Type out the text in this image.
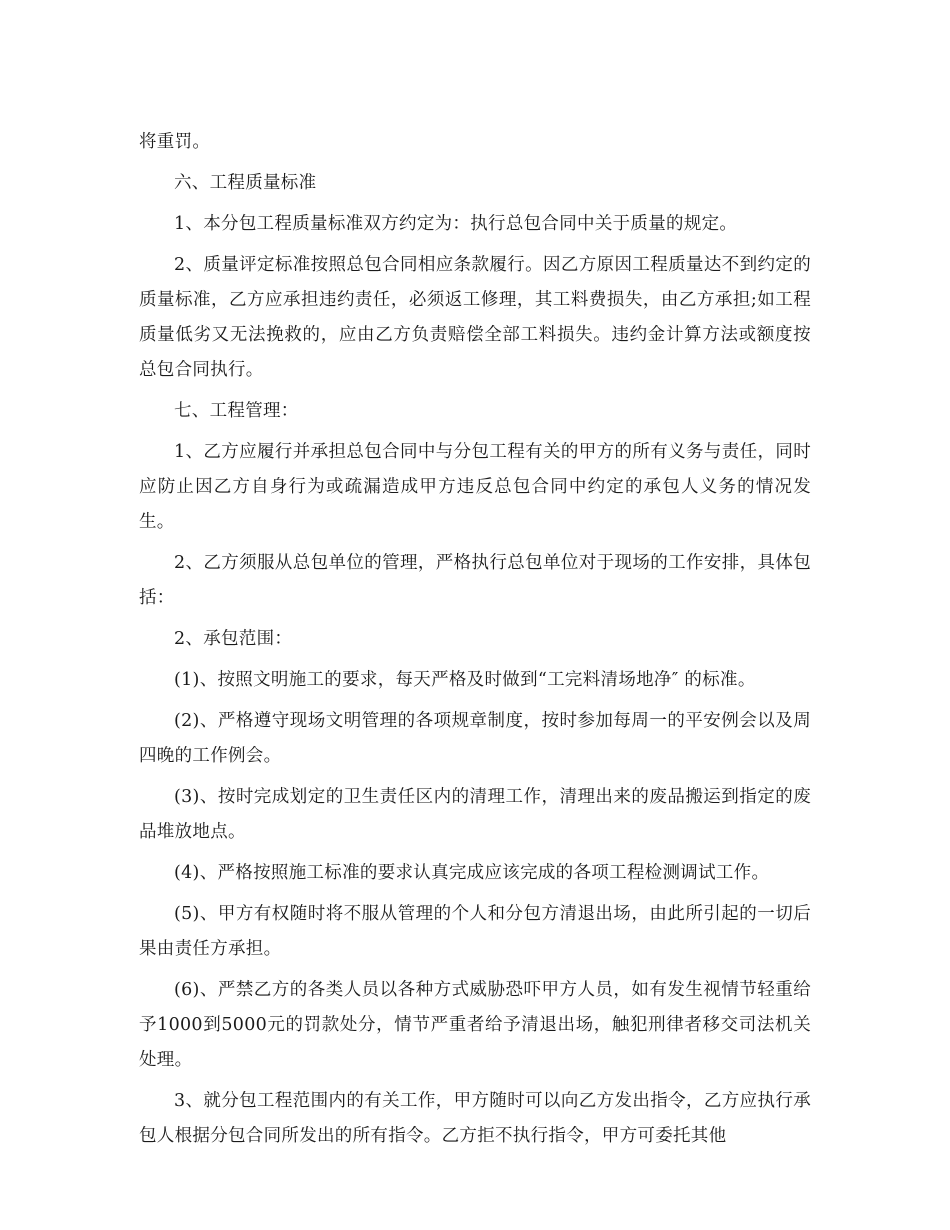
将重罚。

六、工程质量标准

1、本分包工程质量标准双方约定为：执行总包合同中关于质量的规定。

2、质量评定标准按照总包合同相应条款履行。因乙方原因工程质量达不到约定的质量标准，乙方应承担违约责任，必须返工修理，其工料费损失，由乙方承担;如工程质量低劣又无法挽救的，应由乙方负责赔偿全部工料损失。违约金计算方法或额度按总包合同执行。

七、工程管理：

1、乙方应履行并承担总包合同中与分包工程有关的甲方的所有义务与责任，同时应防止因乙方自身行为或疏漏造成甲方违反总包合同中约定的承包人义务的情况发生。

2、乙方须服从总包单位的管理，严格执行总包单位对于现场的工作安排，具体包括：

2、承包范围：

(1)、按照文明施工的要求，每天严格及时做到“工完料清场地净″ 的标准。

(2)、严格遵守现场文明管理的各项规章制度，按时参加每周一的平安例会以及周四晚的工作例会。

(3)、按时完成划定的卫生责任区内的清理工作，清理出来的废品搬运到指定的废品堆放地点。

(4)、严格按照施工标准的要求认真完成应该完成的各项工程检测调试工作。

(5)、甲方有权随时将不服从管理的个人和分包方清退出场，由此所引起的一切后果由责任方承担。

(6)、严禁乙方的各类人员以各种方式威胁恐吓甲方人员，如有发生视情节轻重给予1000到5000元的罚款处分，情节严重者给予清退出场，触犯刑律者移交司法机关处理。

3、就分包工程范围内的有关工作，甲方随时可以向乙方发出指令，乙方应执行承包人根据分包合同所发出的所有指令。乙方拒不执行指令，甲方可委托其他
